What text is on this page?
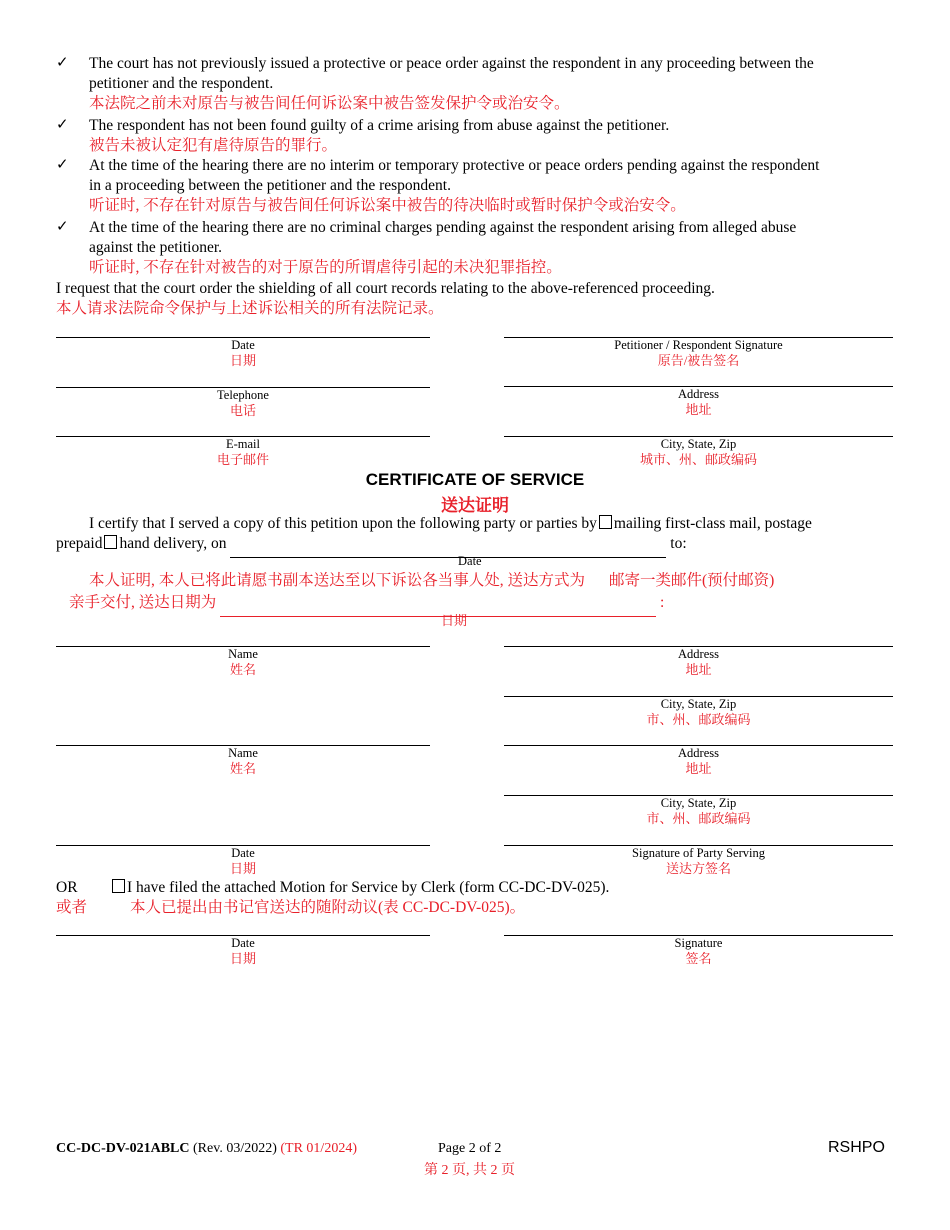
✓ The court has not previously issued a protective or peace order against the respondent in any proceeding between the
petitioner and the respondent.
本法院之前未对原告与被告间任何诉讼案中被告签发保护令或治安令。
✓ The respondent has not been found guilty of a crime arising from abuse against the petitioner.
被告未被认定犯有虐待原告的罪行。
✓ At the time of the hearing there are no interim or temporary protective or peace orders pending against the respondent
in a proceeding between the petitioner and the respondent.
听证时, 不存在针对原告与被告间任何诉讼案中被告的待决临时或暂时保护令或治安令。
✓ At the time of the hearing there are no criminal charges pending against the respondent arising from alleged abuse
against the petitioner.
听证时, 不存在针对被告的对于原告的所谓虐待引起的未决犯罪指控。
I request that the court order the shielding of all court records relating to the above-referenced proceeding.
本人请求法院命令保护与上述诉讼相关的所有法院记录。
Date
日期
Petitioner / Respondent Signature
原告/被告签名
Telephone
电话
Address
地址
E-mail
电子邮件
City, State, Zip
城市、州、邮政编码
CERTIFICATE OF SERVICE
送达证明
I certify that I served a copy of this petition upon the following party or parties by mailing first-class mail, postage
prepaid hand delivery, on	to:
Date
本人证明, 本人已将此请愿书副本送达至以下诉讼各当事人处, 送达方式为 邮寄一类邮件(预付邮资)
亲手交付, 送达日期为	:
日期
Name
姓名
Address
地址
City, State, Zip
市、州、邮政编码
Name
姓名
Address
地址
City, State, Zip
市、州、邮政编码
Date
日期
Signature of Party Serving
送达方签名
OR
或者
I have filed the attached Motion for Service by Clerk (form CC-DC-DV-025).
本人已提出由书记官送达的随附动议(表 CC-DC-DV-025)。
Date
日期
Signature
签名
CC-DC-DV-021ABLC (Rev. 03/2022) (TR 01/2024)	Page 2 of 2
第 2 页, 共 2 页
RSHPO
